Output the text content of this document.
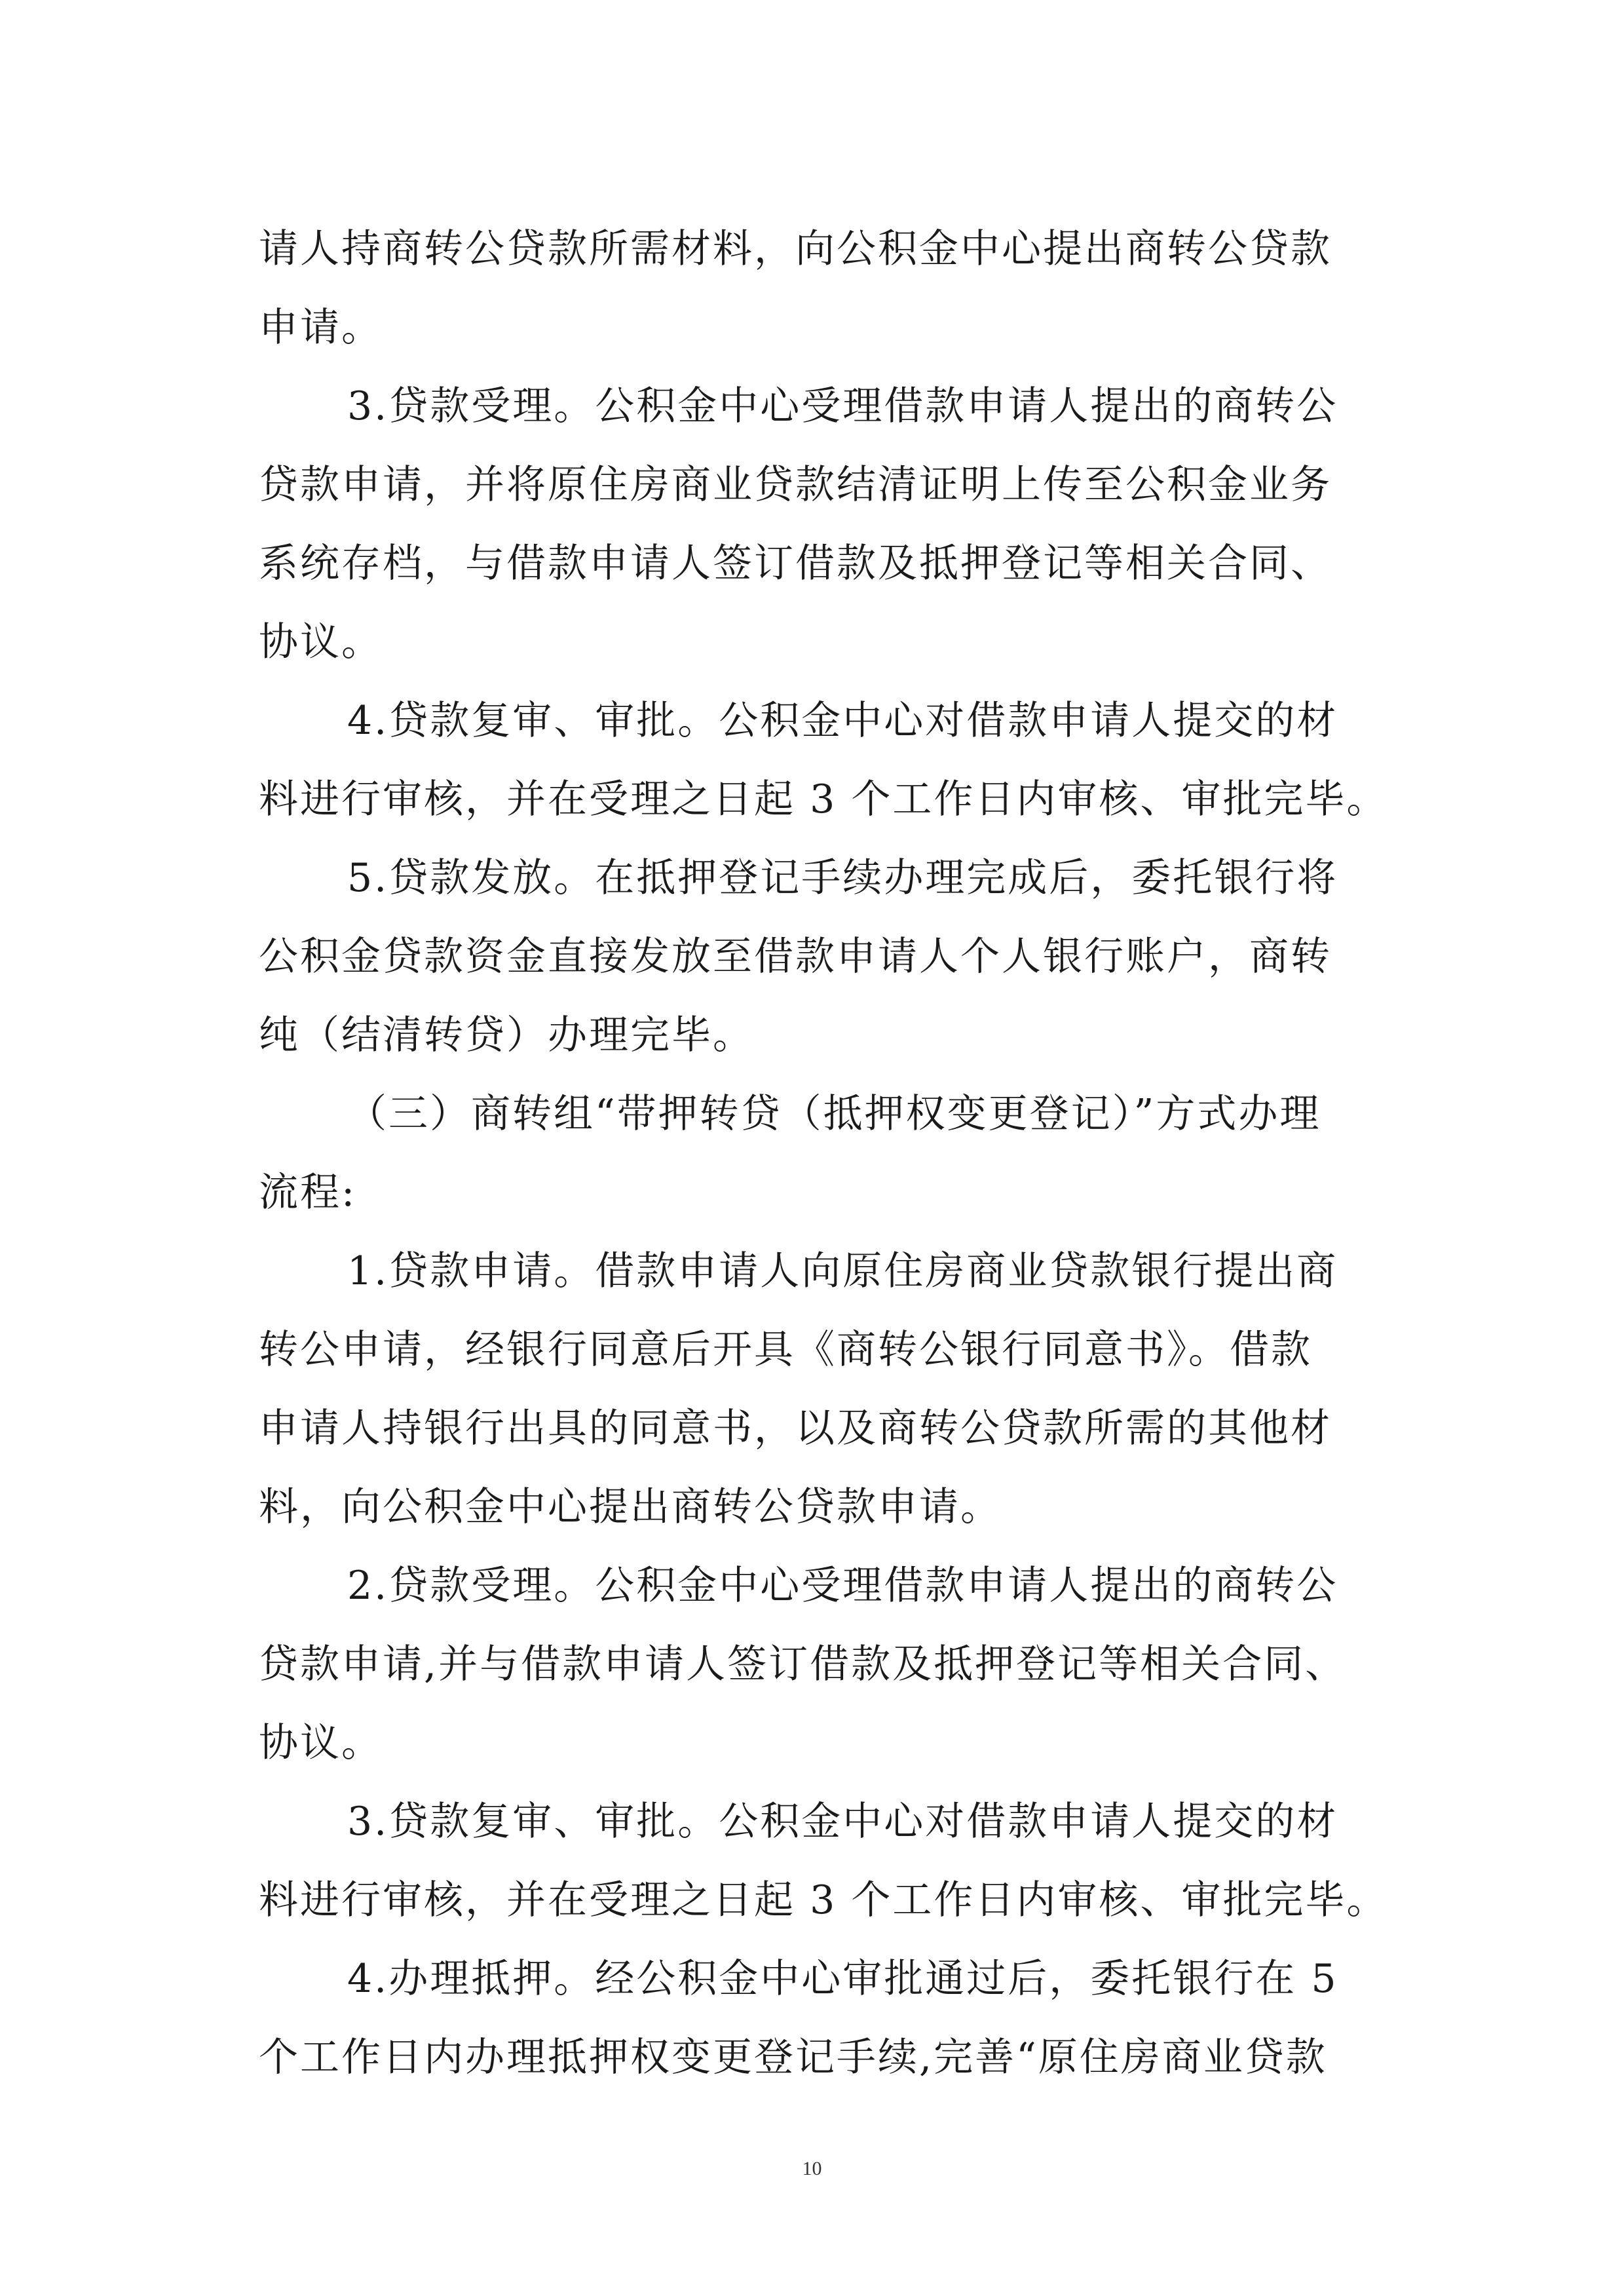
请人持商转公贷款所需材料，向公积金中心提出商转公贷款
申请。
3.贷款受理。公积金中心受理借款申请人提出的商转公
贷款申请，并将原住房商业贷款结清证明上传至公积金业务
系统存档，与借款申请人签订借款及抵押登记等相关合同、
协议。
4.贷款复审、审批。公积金中心对借款申请人提交的材
料进行审核，并在受理之日起 3 个工作日内审核、审批完毕。
5.贷款发放。在抵押登记手续办理完成后，委托银行将
公积金贷款资金直接发放至借款申请人个人银行账户，商转
纯（结清转贷）办理完毕。
（三）商转组“带押转贷（抵押权变更登记）”方式办理
流程:
1.贷款申请。借款申请人向原住房商业贷款银行提出商
转公申请，经银行同意后开具《商转公银行同意书》。借款
申请人持银行出具的同意书，以及商转公贷款所需的其他材
料，向公积金中心提出商转公贷款申请。
2.贷款受理。公积金中心受理借款申请人提出的商转公
贷款申请,并与借款申请人签订借款及抵押登记等相关合同、
协议。
3.贷款复审、审批。公积金中心对借款申请人提交的材
料进行审核，并在受理之日起 3 个工作日内审核、审批完毕。
4.办理抵押。经公积金中心审批通过后，委托银行在 5
个工作日内办理抵押权变更登记手续,完善“原住房商业贷款
10
